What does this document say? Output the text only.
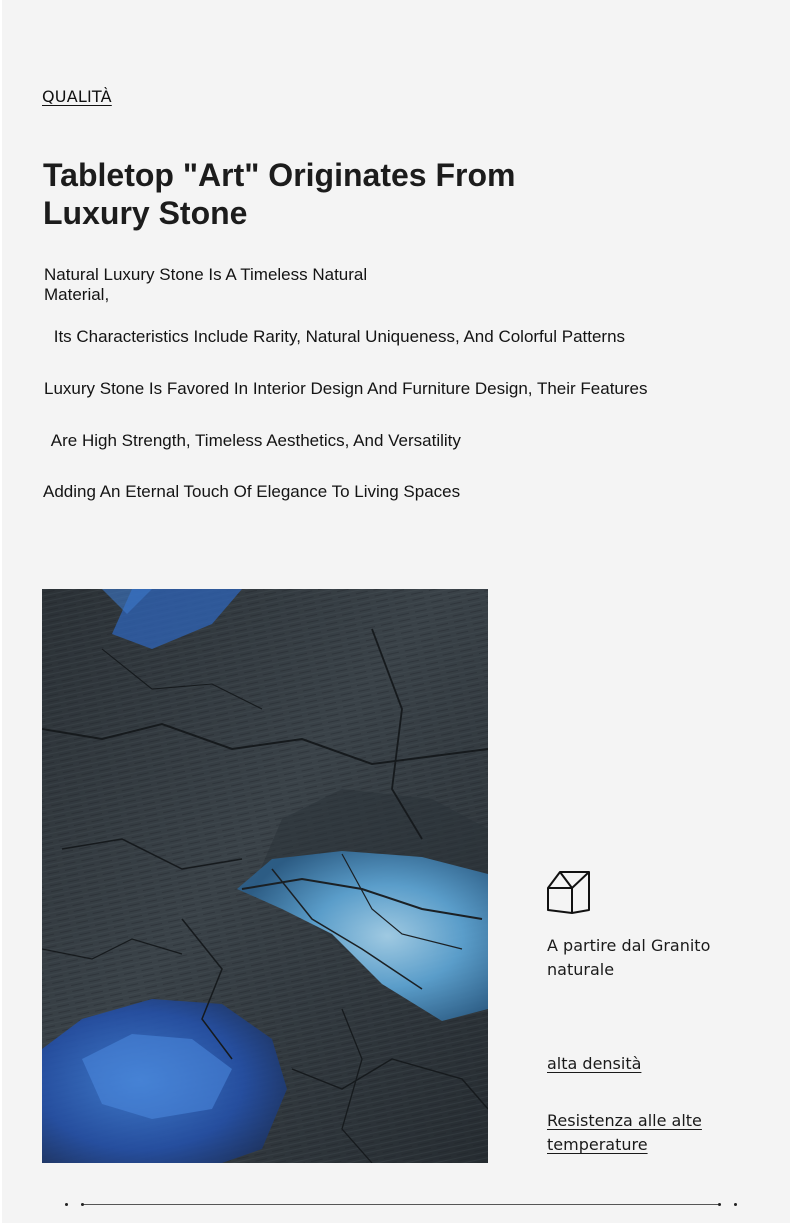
QUALITÀ
Tabletop "Art" Originates From Luxury Stone

Natural Luxury Stone Is A Timeless Natural Material,

Its Characteristics Include Rarity, Natural Uniqueness, And Colorful Patterns

Luxury Stone Is Favored In Interior Design And Furniture Design, Their Features

Are High Strength, Timeless Aesthetics, And Versatility

Adding An Eternal Touch Of Elegance To Living Spaces

A partire dal Granito naturale

alta densità

Resistenza alle alte temperature
